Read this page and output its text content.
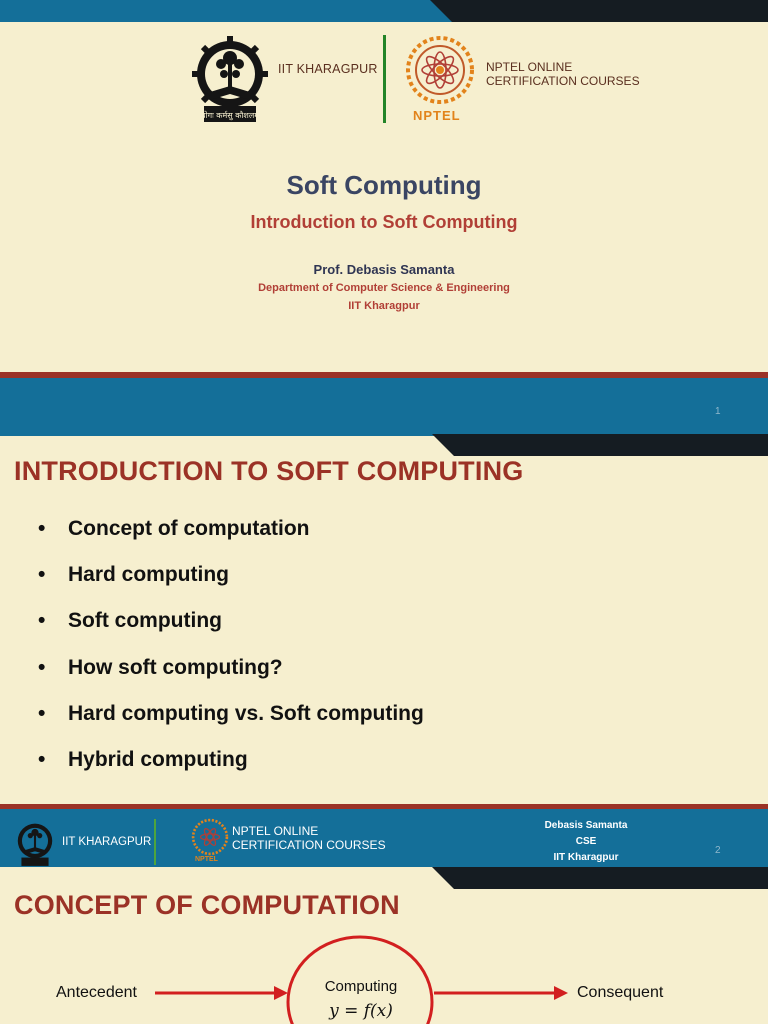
योगः कर्मसु कौशलम्
IIT KHARAGPUR	NPTEL ONLINE
CERTIFICATION COURSES
NPTEL
Soft Computing
Introduction to Soft Computing
Prof. Debasis Samanta
Department of Computer Science & Engineering
IIT Kharagpur
1
INTRODUCTION TO SOFT COMPUTING
• Concept of computation
• Hard computing
• Soft computing
• How soft computing?
• Hard computing vs. Soft computing
• Hybrid computing
IIT KHARAGPUR
NPTEL ONLINE
CERTIFICATION COURSES
NPTEL
Debasis Samanta
CSE
IIT Kharagpur
2
CONCEPT OF COMPUTATION
Antecedent	Computing
y = f(x)
Consequent
